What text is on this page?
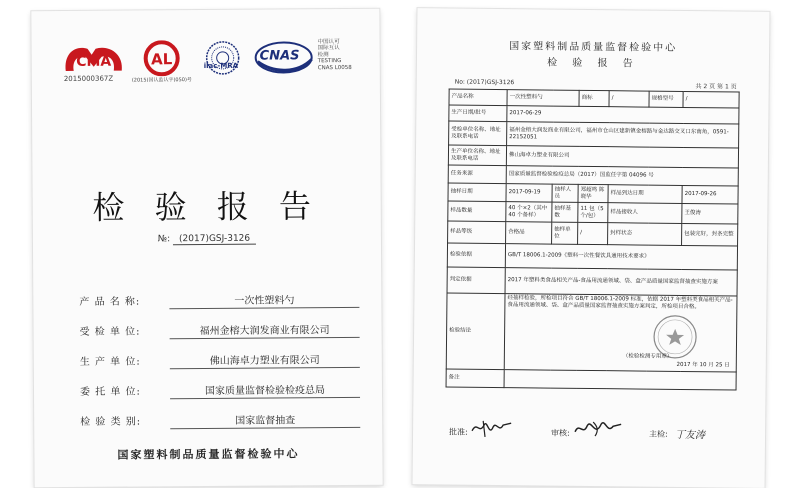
CMA
2015000367Z
AL
(2015)国认监认字(050)号
ilac-MRA
CNAS
中国认可
国际互认
检测
TESTING
CNAS L0058
检 验 报 告
№: (2017)GSJ-3126
产 品 名 称:	一次性塑料勺
受 检 单 位:	福州金榕大润发商业有限公司
生 产 单 位:	佛山海卓力塑业有限公司
委 托 单 位:	国家质量监督检验检疫总局
检 验 类 别:	国家监督抽查
国家塑料制品质量监督检验中心
国家塑料制品质量监督检验中心
检 验 报 告
No: (2017)GSJ-3126
共 2 页 第 1 页
产品名称	一次性塑料勺		商标	/	规格型号	/
生产日期/批号	2017-06-29					
受检单位名称、地址及联系电话	福州金榕大润发商业有限公司，福州市仓山区建新镇金榕路与金达路交叉口东南角，0591-22152051					
生产单位名称、地址及联系电话	佛山海卓力塑业有限公司					
任务来源	国家质量监督检验检疫总局（2017）国监任字第 04096 号					
抽样日期	2017-09-19	抽样人员	郑超鸣 陈晓华	样品到达日期		2017-09-26
样品数量	40 个×2（其中 40 个备样）	抽样基数	11 包（5 个/包）	样品接收人		王俊涛
样品等级	合格品	抽样单位	/	封样状态		包装完好，封条完整
检验依据	GB/T 18006.1-2009《塑料一次性餐饮具通用技术要求》					
判定依据	2017 年塑料类食品相关产品-食品用流通领域、袋、盒产品质量国家监督抽查实施方案					
检验结论	经抽样检验，所检项目符合 GB/T 18006.1-2009 标准，依据 2017 年塑料类食品相关产品-食品用流通领域、袋、盒产品质量国家监督抽查实施方案判定，所检项目合格。
（检验检测专用章）
2017 年 10 月 25 日					

备注						
批准:	审核:	主检: 丁友涛
